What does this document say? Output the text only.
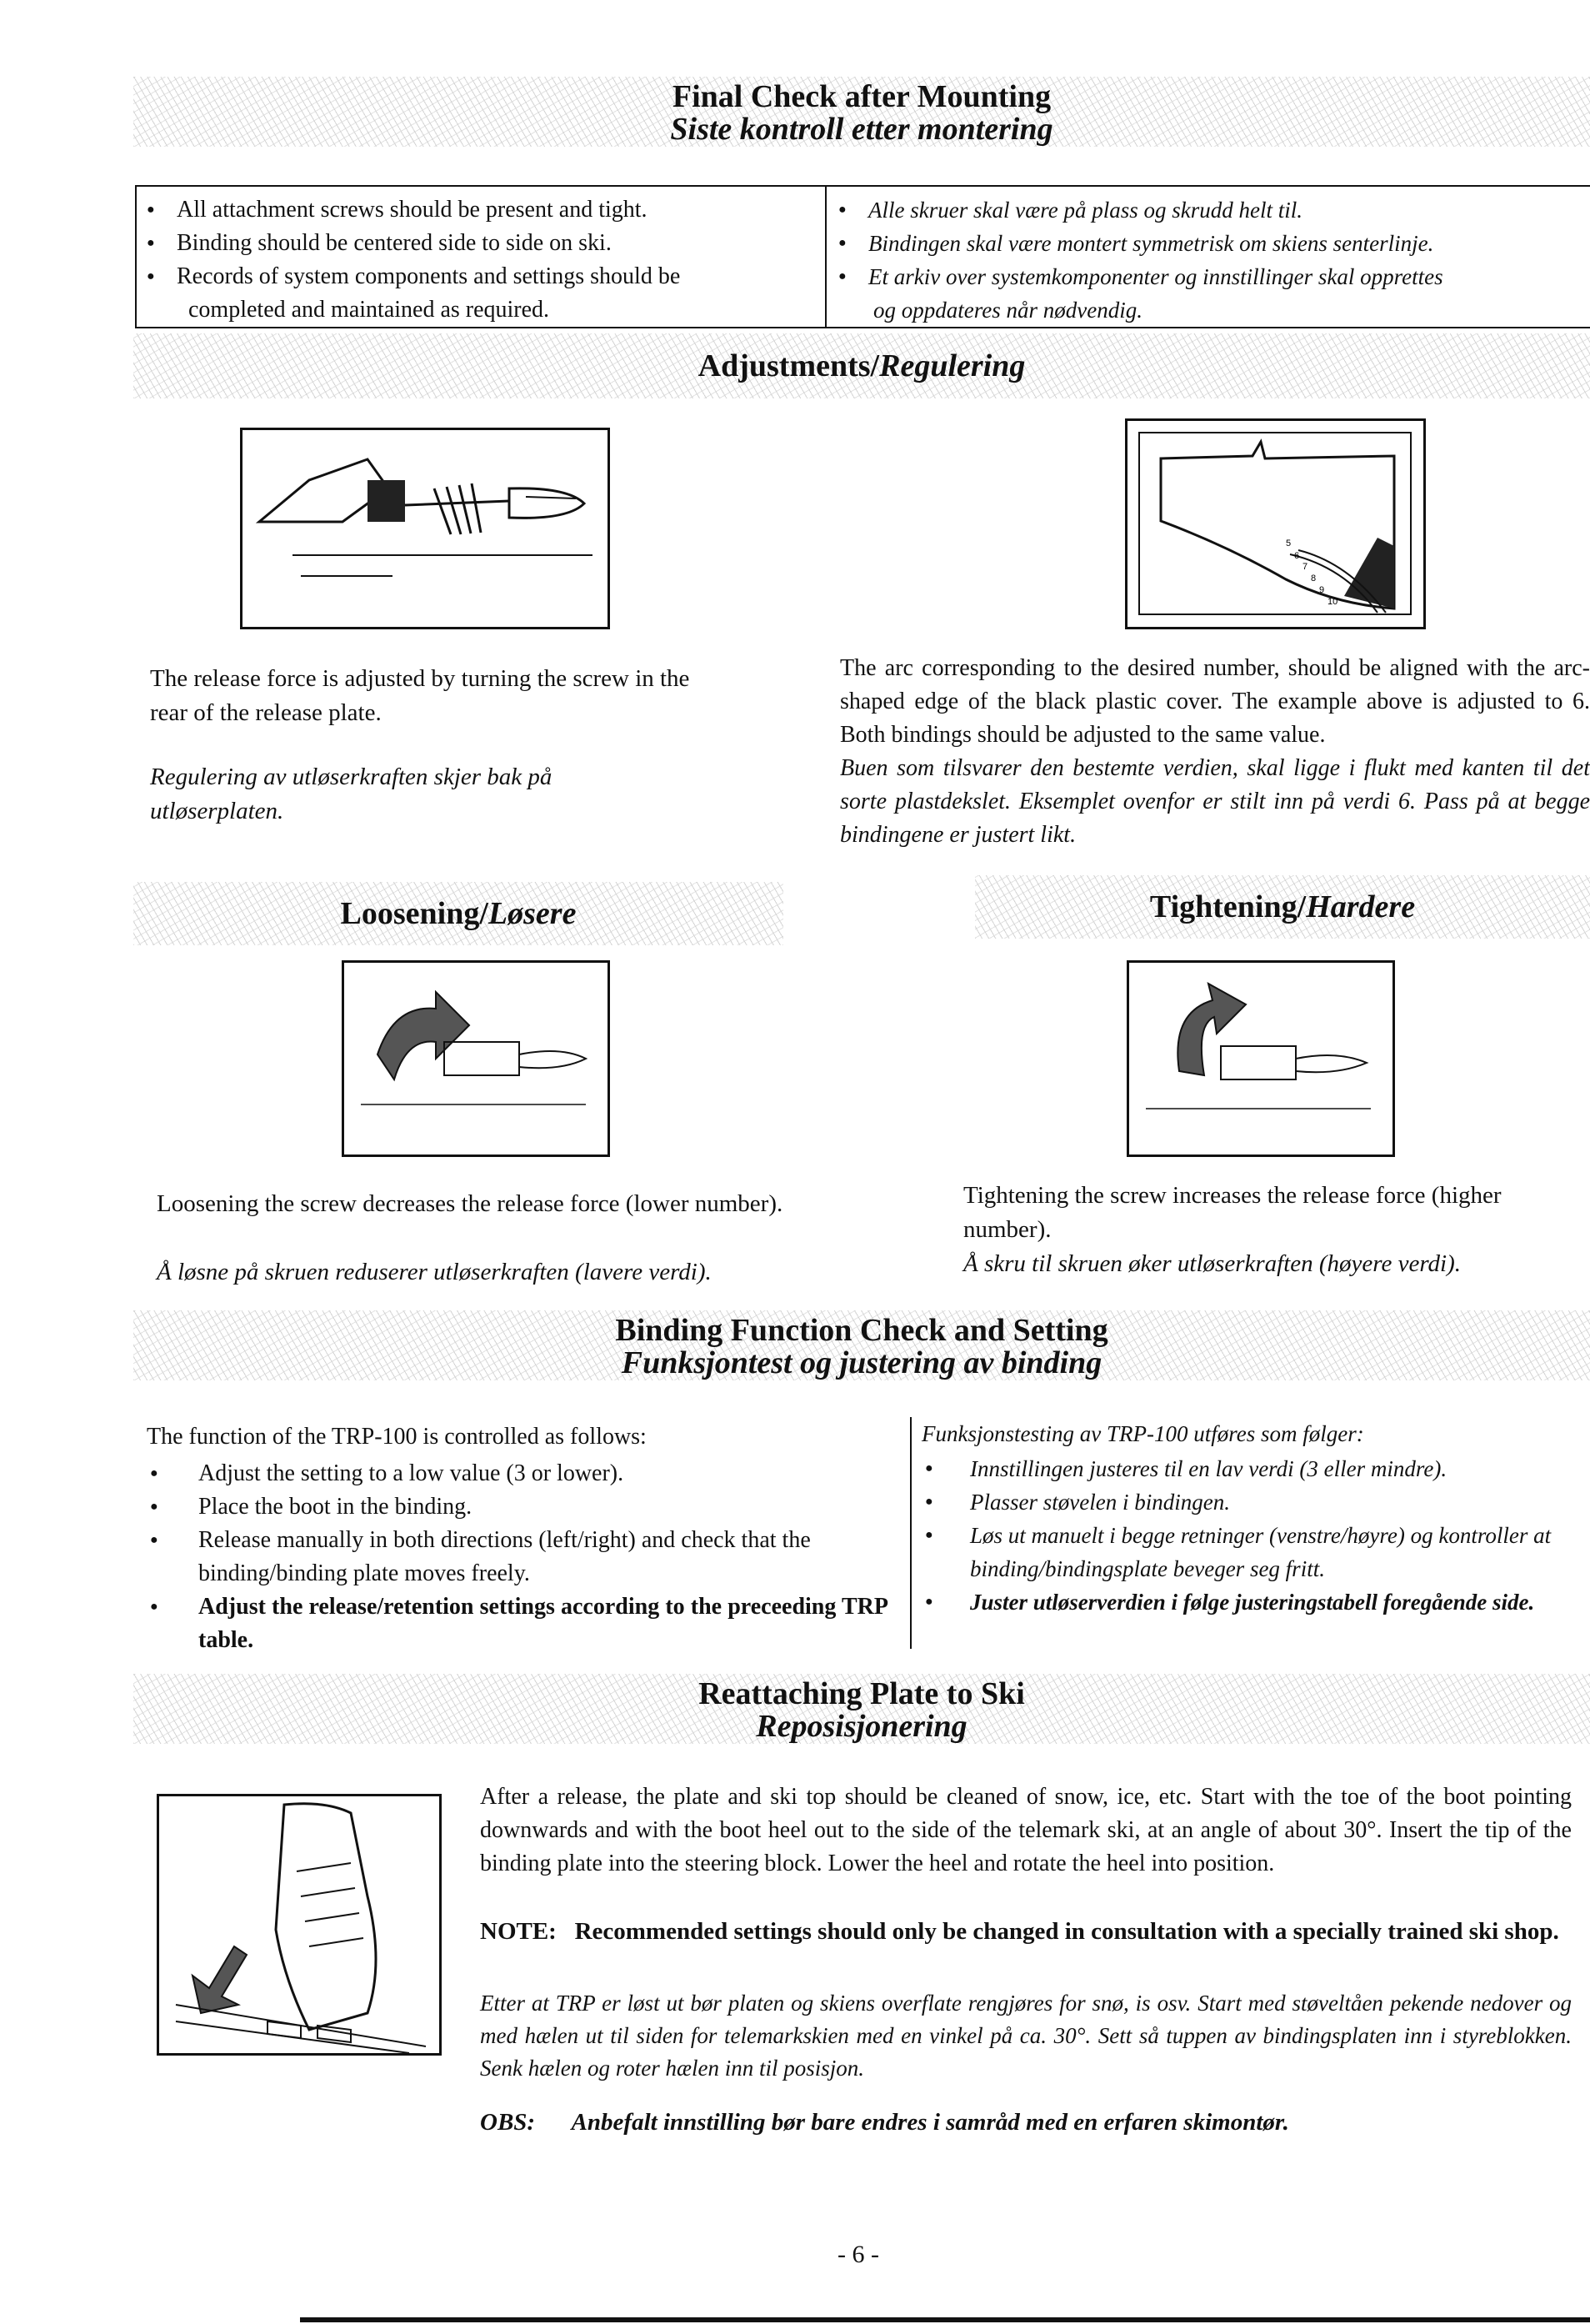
Final Check after Mounting
Siste kontroll etter montering
● All attachment screws should be present and tight.
● Binding should be centered side to side on ski.
● Records of system components and settings should be
completed and maintained as required.
● Alle skruer skal være på plass og skrudd helt til.
● Bindingen skal være montert symmetrisk om skiens senterlinje.
● Et arkiv over systemkomponenter og innstillinger skal opprettes
og oppdateres når nødvendig.
Adjustments/Regulering
5
6
7
8
9
10
The release force is adjusted by turning the screw in the rear of the release plate.
Regulering av utløserkraften skjer bak på utløserplaten.
The arc corresponding to the desired number, should be aligned with the arc-shaped edge of the black plastic cover. The example above is adjusted to 6. Both bindings should be adjusted to the same value.
Buen som tilsvarer den bestemte verdien, skal ligge i flukt med kanten til det sorte plastdekslet. Eksemplet ovenfor er stilt inn på verdi 6. Pass på at begge bindingene er justert likt.
Loosening/Løsere	Tightening/Hardere
Loosening the screw decreases the release force (lower number).
Å løsne på skruen reduserer utløserkraften (lavere verdi).
Tightening the screw increases the release force (higher number).
Å skru til skruen øker utløserkraften (høyere verdi).
Binding Function Check and Setting
Funksjontest og justering av binding
The function of the TRP-100 is controlled as follows:
● Adjust the setting to a low value (3 or lower).
● Place the boot in the binding.
● Release manually in both directions (left/right) and check that the binding/binding plate moves freely.
● Adjust the release/retention settings according to the preceeding TRP table.
Funksjonstesting av TRP-100 utføres som følger:
● Innstillingen justeres til en lav verdi (3 eller mindre).
● Plasser støvelen i bindingen.
● Løs ut manuelt i begge retninger (venstre/høyre) og kontroller at binding/bindingsplate beveger seg fritt.
● Juster utløserverdien i følge justeringstabell foregående side.
Reattaching Plate to Ski
Reposisjonering
After a release, the plate and ski top should be cleaned of snow, ice, etc. Start with the toe of the boot pointing downwards and with the boot heel out to the side of the telemark ski, at an angle of about 30°. Insert the tip of the binding plate into the steering block. Lower the heel and rotate the heel into position.
NOTE: Recommended settings should only be changed in consultation with a specially trained ski shop.
Etter at TRP er løst ut bør platen og skiens overflate rengjøres for snø, is osv. Start med støveltåen pekende nedover og med hælen ut til siden for telemarkskien med en vinkel på ca. 30°. Sett så tuppen av bindingsplaten inn i styreblokken. Senk hælen og roter hælen inn til posisjon.
OBS: Anbefalt innstilling bør bare endres i samråd med en erfaren skimontør.
- 6 -
